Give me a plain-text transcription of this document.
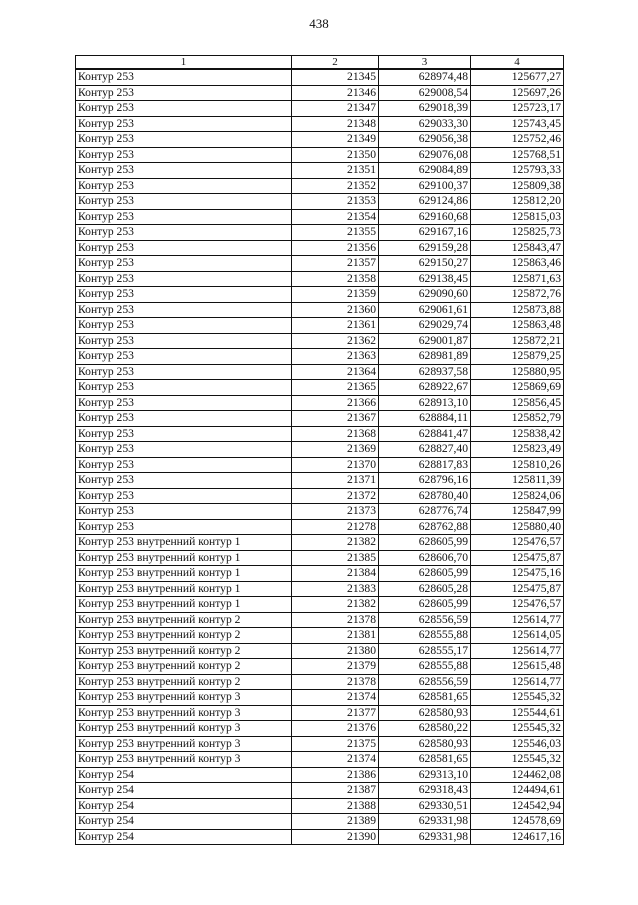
438
1	2	3	4
Контур 253	21345	628974,48	125677,27
Контур 253	21346	629008,54	125697,26
Контур 253	21347	629018,39	125723,17
Контур 253	21348	629033,30	125743,45
Контур 253	21349	629056,38	125752,46
Контур 253	21350	629076,08	125768,51
Контур 253	21351	629084,89	125793,33
Контур 253	21352	629100,37	125809,38
Контур 253	21353	629124,86	125812,20
Контур 253	21354	629160,68	125815,03
Контур 253	21355	629167,16	125825,73
Контур 253	21356	629159,28	125843,47
Контур 253	21357	629150,27	125863,46
Контур 253	21358	629138,45	125871,63
Контур 253	21359	629090,60	125872,76
Контур 253	21360	629061,61	125873,88
Контур 253	21361	629029,74	125863,48
Контур 253	21362	629001,87	125872,21
Контур 253	21363	628981,89	125879,25
Контур 253	21364	628937,58	125880,95
Контур 253	21365	628922,67	125869,69
Контур 253	21366	628913,10	125856,45
Контур 253	21367	628884,11	125852,79
Контур 253	21368	628841,47	125838,42
Контур 253	21369	628827,40	125823,49
Контур 253	21370	628817,83	125810,26
Контур 253	21371	628796,16	125811,39
Контур 253	21372	628780,40	125824,06
Контур 253	21373	628776,74	125847,99
Контур 253	21278	628762,88	125880,40
Контур 253 внутренний контур 1	21382	628605,99	125476,57
Контур 253 внутренний контур 1	21385	628606,70	125475,87
Контур 253 внутренний контур 1	21384	628605,99	125475,16
Контур 253 внутренний контур 1	21383	628605,28	125475,87
Контур 253 внутренний контур 1	21382	628605,99	125476,57
Контур 253 внутренний контур 2	21378	628556,59	125614,77
Контур 253 внутренний контур 2	21381	628555,88	125614,05
Контур 253 внутренний контур 2	21380	628555,17	125614,77
Контур 253 внутренний контур 2	21379	628555,88	125615,48
Контур 253 внутренний контур 2	21378	628556,59	125614,77
Контур 253 внутренний контур 3	21374	628581,65	125545,32
Контур 253 внутренний контур 3	21377	628580,93	125544,61
Контур 253 внутренний контур 3	21376	628580,22	125545,32
Контур 253 внутренний контур 3	21375	628580,93	125546,03
Контур 253 внутренний контур 3	21374	628581,65	125545,32
Контур 254	21386	629313,10	124462,08
Контур 254	21387	629318,43	124494,61
Контур 254	21388	629330,51	124542,94
Контур 254	21389	629331,98	124578,69
Контур 254	21390	629331,98	124617,16
